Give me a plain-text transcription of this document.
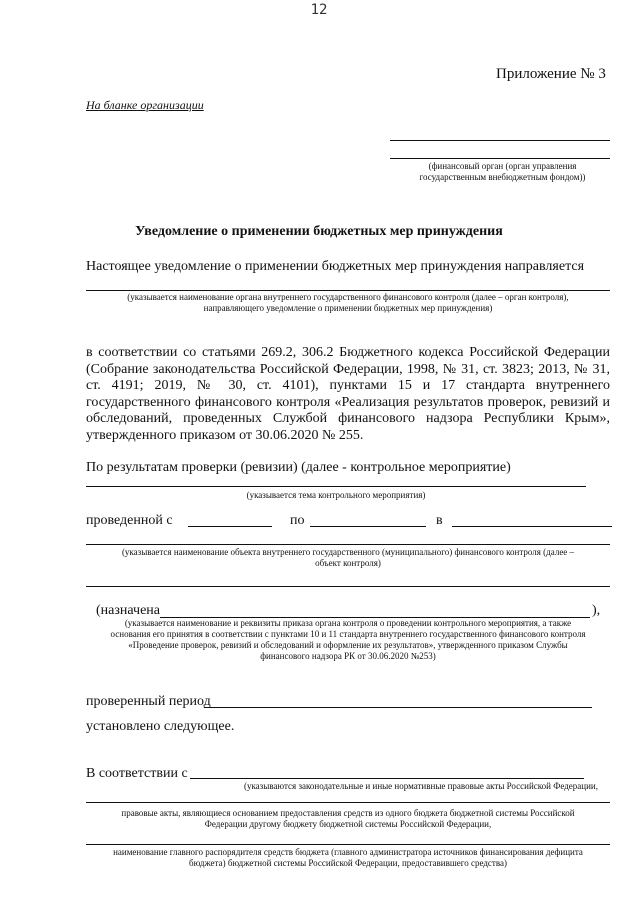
12
Приложение № 3
На бланке организации
(финансовый орган (орган управления
государственным внебюджетным фондом))
Уведомление о применении бюджетных мер принуждения
Настоящее уведомление о применении бюджетных мер принуждения направляется
(указывается наименование органа внутреннего государственного финансового контроля (далее – орган контроля),
направляющего уведомление о применении бюджетных мер принуждения)
в соответствии со статьями 269.2, 306.2 Бюджетного кодекса Российской Федерации (Собрание законодательства Российской Федерации, 1998, № 31, ст. 3823; 2013, № 31, ст. 4191; 2019, № 30, ст. 4101), пунктами 15 и 17 стандарта внутреннего государственного финансового контроля «Реализация результатов проверок, ревизий и обследований, проведенных Службой финансового надзора Республики Крым», утвержденного приказом от 30.06.2020 № 255.
По результатам проверки (ревизии) (далее - контрольное мероприятие)
(указывается тема контрольного мероприятия)
проведенной с	по	в
(указывается наименование объекта внутреннего государственного (муниципального) финансового контроля (далее –
объект контроля)
(назначена	),
(указывается наименование и реквизиты приказа органа контроля о проведении контрольного мероприятия, а также
основания его принятия в соответствии с пунктами 10 и 11 стандарта внутреннего государственного финансового контроля
«Проведение проверок, ревизий и обследований и оформление их результатов», утвержденного приказом Службы
финансового надзора РК от 30.06.2020 №253)
проверенный период
установлено следующее.
В соответствии с
(указываются законодательные и иные нормативные правовые акты Российской Федерации,
правовые акты, являющиеся основанием предоставления средств из одного бюджета бюджетной системы Российской
Федерации другому бюджету бюджетной системы Российской Федерации,
наименование главного распорядителя средств бюджета (главного администратора источников финансирования дефицита
бюджета) бюджетной системы Российской Федерации, предоставившего средства)
